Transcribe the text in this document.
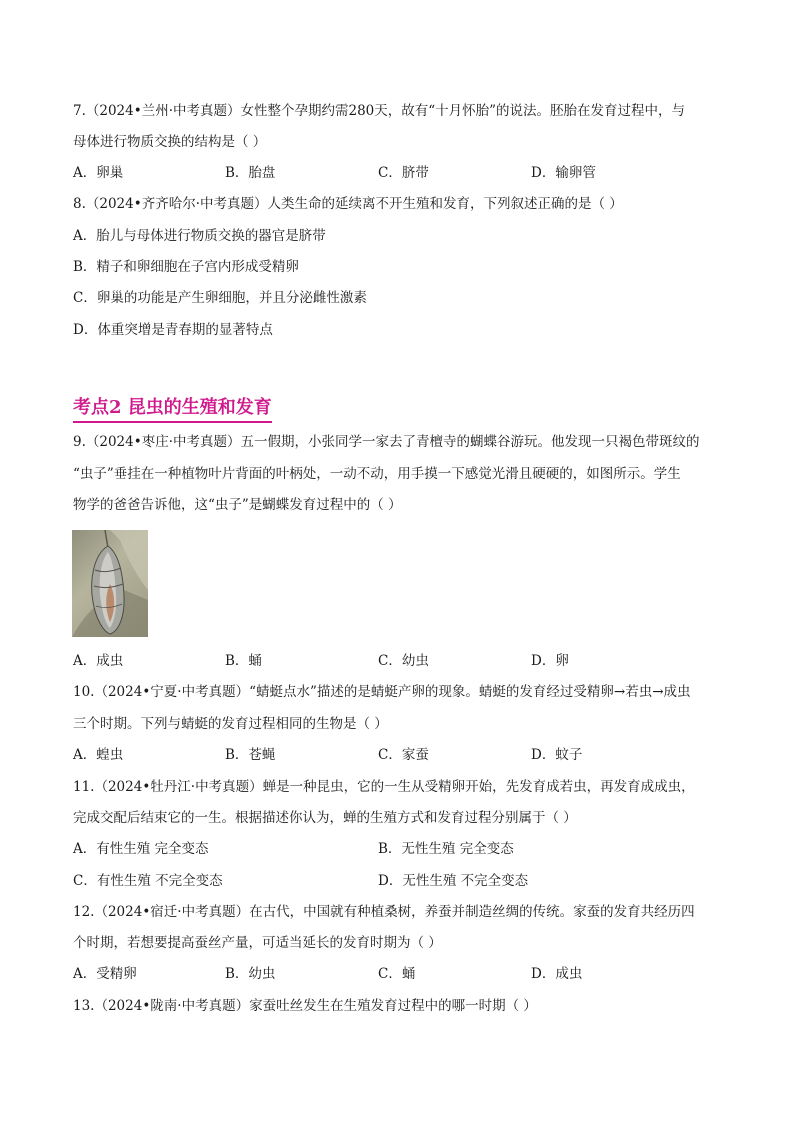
7.（2024•兰州·中考真题）女性整个孕期约需280天，故有“十月怀胎”的说法。胚胎在发育过程中，与
母体进行物质交换的结构是（ ）
A．卵巢	B．胎盘	C．脐带	D．输卵管
8.（2024•齐齐哈尔·中考真题）人类生命的延续离不开生殖和发育，下列叙述正确的是（ ）
A．胎儿与母体进行物质交换的器官是脐带
B．精子和卵细胞在子宫内形成受精卵
C．卵巢的功能是产生卵细胞，并且分泌雌性激素
D．体重突增是青春期的显著特点
考点2 昆虫的生殖和发育
9.（2024•枣庄·中考真题）五一假期，小张同学一家去了青檀寺的蝴蝶谷游玩。他发现一只褐色带斑纹的
“虫子”垂挂在一种植物叶片背面的叶柄处，一动不动，用手摸一下感觉光滑且硬硬的，如图所示。学生
物学的爸爸告诉他，这“虫子”是蝴蝶发育过程中的（ ）
A．成虫	B．蛹	C．幼虫	D．卵
10.（2024•宁夏·中考真题）“蜻蜓点水”描述的是蜻蜓产卵的现象。蜻蜓的发育经过受精卵→若虫→成虫
三个时期。下列与蜻蜓的发育过程相同的生物是（ ）
A．蝗虫	B．苍蝇	C．家蚕	D．蚊子
11.（2024•牡丹江·中考真题）蝉是一种昆虫，它的一生从受精卵开始，先发育成若虫，再发育成成虫，
完成交配后结束它的一生。根据描述你认为，蝉的生殖方式和发育过程分别属于（ ）
A．有性生殖 完全变态	B．无性生殖 完全变态
C．有性生殖 不完全变态	D．无性生殖 不完全变态
12.（2024•宿迁·中考真题）在古代，中国就有种植桑树，养蚕并制造丝绸的传统。家蚕的发育共经历四
个时期，若想要提高蚕丝产量，可适当延长的发育时期为（ ）
A．受精卵	B．幼虫	C．蛹	D．成虫
13.（2024•陇南·中考真题）家蚕吐丝发生在生殖发育过程中的哪一时期（ ）
